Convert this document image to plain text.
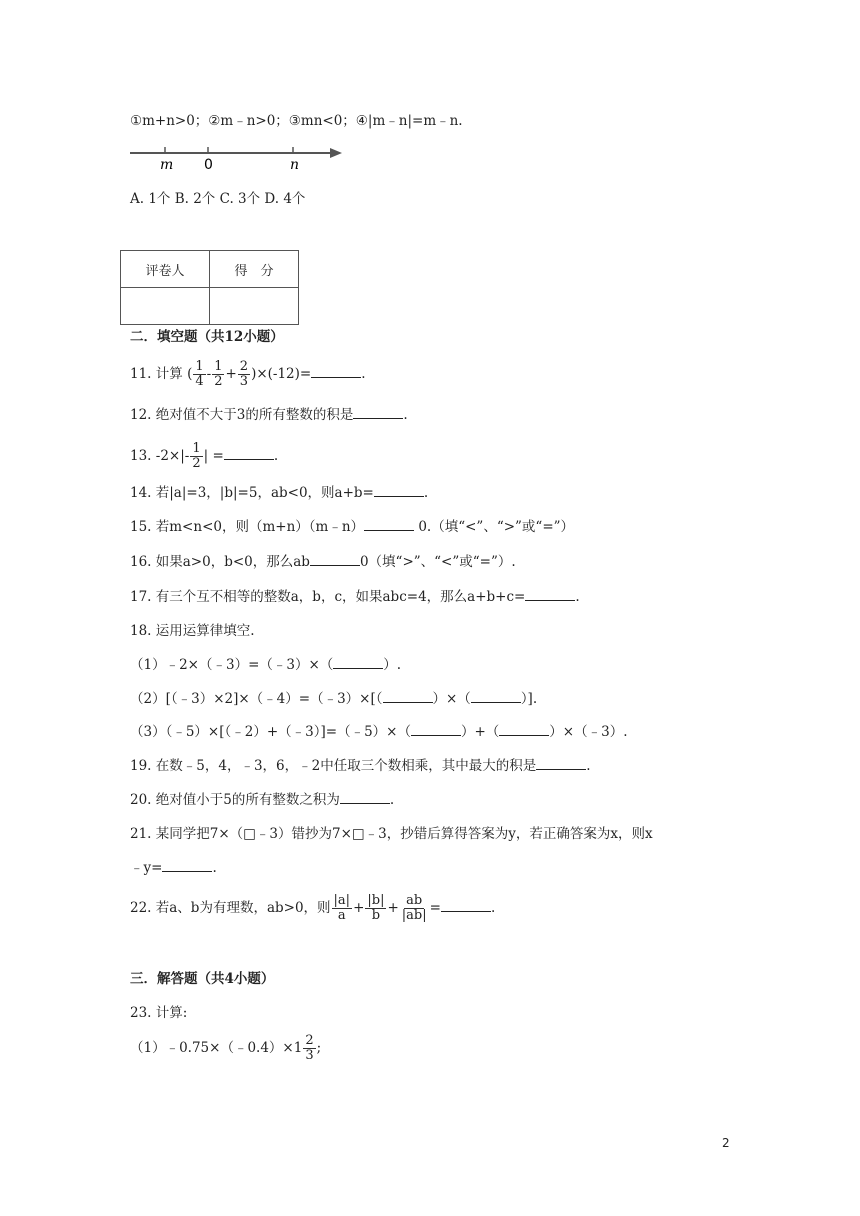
①m+n>0；②m﹣n>0；③mn<0；④|m﹣n|=m﹣n.
m 0	n
A. 1个 B. 2个 C. 3个 D. 4个
评卷人	得　分

二．填空题（共12小题）
11. 计算 ( $\frac{1}{4} - \frac{1}{2} + \frac{2}{3} )\times(-12)=$	.
12. 绝对值不大于3的所有整数的积是	.
13. $-2\times|- \frac{1}{2}$ | =	.
14. 若|a|=3，|b|=5，ab<0，则a+b=	.
15. 若m<n<0，则（m+n）（m﹣n）	0.（填“<”、“>”或“=”）
16. 如果a>0，b<0，那么ab	0（填“>”、“<”或“=”）.
17. 有三个互不相等的整数a，b，c，如果abc=4，那么a+b+c=	.
18. 运用运算律填空.
（1）﹣2×（﹣3）=（﹣3）×（	）.
（2）[（﹣3）×2]×（﹣4）=（﹣3）×[（	）×（	）].
（3）（﹣5）×[（﹣2）+（﹣3）]=（﹣5）×（	）+（	）×（﹣3）.
19. 在数﹣5，4，﹣3，6，﹣2中任取三个数相乘，其中最大的积是	.
20. 绝对值小于5的所有整数之积为	.
21. 某同学把7×（□﹣3）错抄为7×□﹣3，抄错后算得答案为y，若正确答案为x，则x
﹣y=	.
22. 若a、b为有理数，ab>0，则 $\frac{|a|}{a} + \frac{|b|}{b} + \frac{ab}{|ab|}$ =	.
三．解答题（共4小题）
23. 计算:
（1）﹣0.75×（﹣0.4）×1 $\frac{2}{3}$ ;
2
